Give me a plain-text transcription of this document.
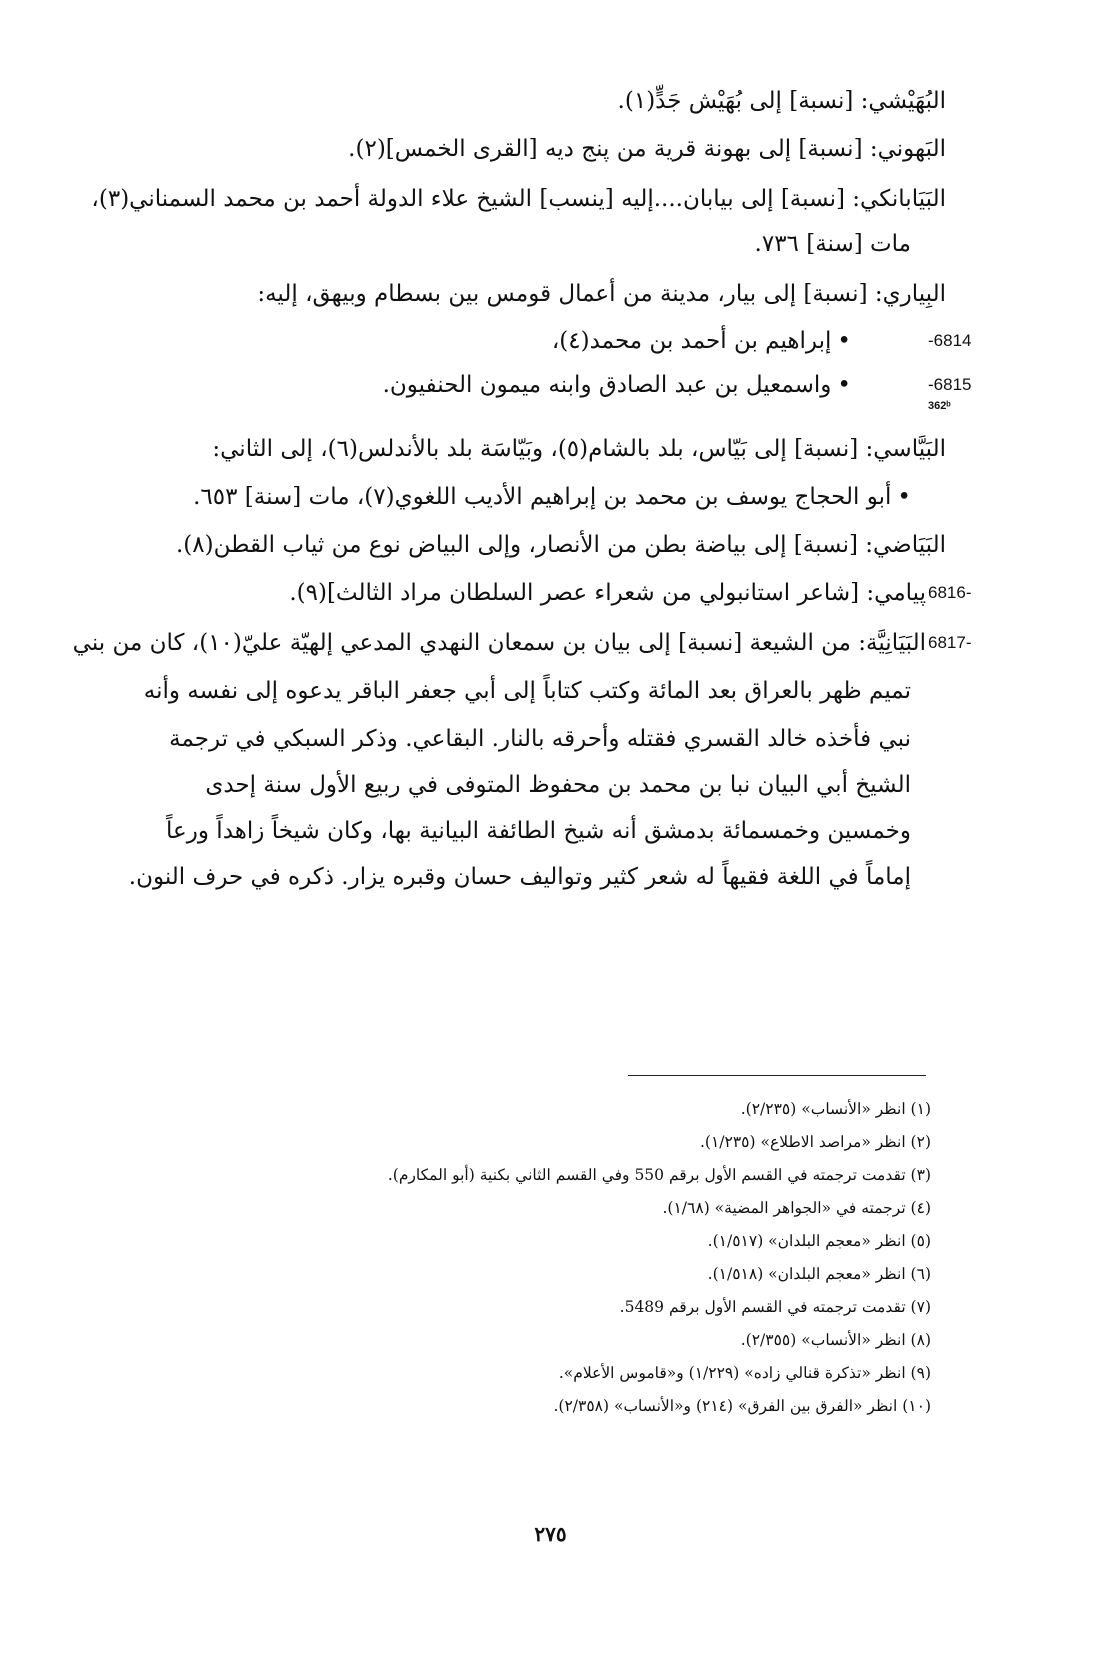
البُهَيْشي: [نسبة] إلى بُهَيْش جَدٍّ(١).
البَهوني: [نسبة] إلى بهونة قرية من پنج ديه [القرى الخمس](٢).
البَيَابانكي: [نسبة] إلى بيابان....إليه [ينسب] الشيخ علاء الدولة أحمد بن محمد السمناني(٣)،
مات [سنة] ٧٣٦.
البِياري: [نسبة] إلى بيار، مدينة من أعمال قومس بين بسطام وبيهق، إليه:
-6814
•إبراهيم بن أحمد بن محمد(٤)،
-6815
•واسمعيل بن عبد الصادق وابنه ميمون الحنفيون.
362ᵇ
البَيَّاسي: [نسبة] إلى بَيّاس، بلد بالشام(٥)، وبَيّاسَة بلد بالأندلس(٦)، إلى الثاني:
•أبو الحجاج يوسف بن محمد بن إبراهيم الأديب اللغوي(٧)، مات [سنة] ٦٥٣.
البَيَاضي: [نسبة] إلى بياضة بطن من الأنصار، وإلى البياض نوع من ثياب القطن(٨).
6816-
پيامي: [شاعر استانبولي من شعراء عصر السلطان مراد الثالث](٩).
6817-
البَيَانِيَّة: من الشيعة [نسبة] إلى بيان بن سمعان النهدي المدعي إلهيّة عليّ(١٠)، كان من بني
تميم ظهر بالعراق بعد المائة وكتب كتاباً إلى أبي جعفر الباقر يدعوه إلى نفسه وأنه
نبي فأخذه خالد القسري فقتله وأحرقه بالنار. البقاعي. وذكر السبكي في ترجمة
الشيخ أبي البيان نبا بن محمد بن محفوظ المتوفى في ربيع الأول سنة إحدى
وخمسين وخمسمائة بدمشق أنه شيخ الطائفة البيانية بها، وكان شيخاً زاهداً ورعاً
إماماً في اللغة فقيهاً له شعر كثير وتواليف حسان وقبره يزار. ذكره في حرف النون.
(١) انظر «الأنساب» (٢/٢٣٥).
(٢) انظر «مراصد الاطلاع» (١/٢٣٥).
(٣) تقدمت ترجمته في القسم الأول برقم 550 وفي القسم الثاني بكنية (أبو المكارم).
(٤) ترجمته في «الجواهر المضية» (١/٦٨).
(٥) انظر «معجم البلدان» (١/٥١٧).
(٦) انظر «معجم البلدان» (١/٥١٨).
(٧) تقدمت ترجمته في القسم الأول برقم 5489.
(٨) انظر «الأنساب» (٢/٣٥٥).
(٩) انظر «تذكرة قنالي زاده» (١/٢٢٩) و«قاموس الأعلام».
(١٠) انظر «الفرق بين الفرق» (٢١٤) و«الأنساب» (٢/٣٥٨).
٢٧٥
